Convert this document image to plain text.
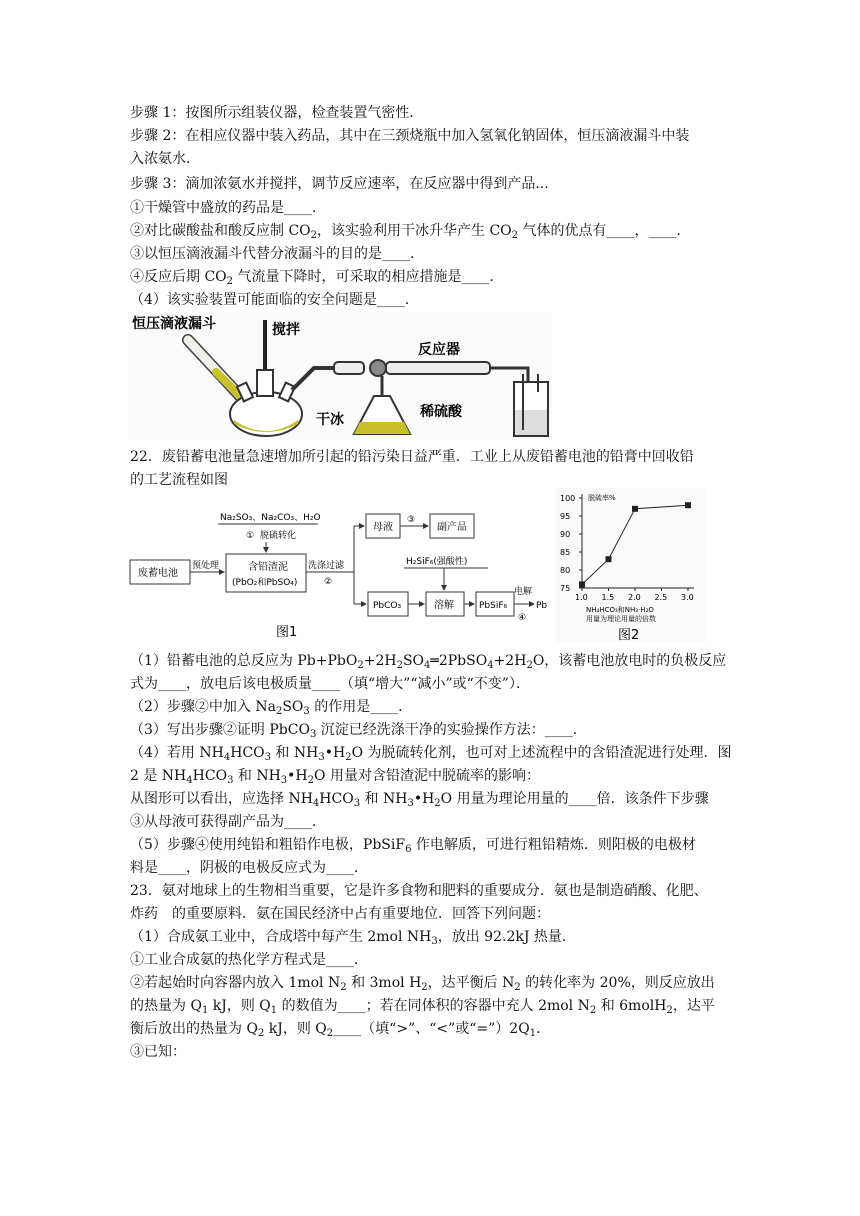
步骤 1：按图所示组装仪器，检查装置气密性．
步骤 2：在相应仪器中装入药品，其中在三颈烧瓶中加入氢氧化钠固体，恒压滴液漏斗中装
入浓氨水．
步骤 3：滴加浓氨水并搅拌，调节反应速率，在反应器中得到产品...
①干燥管中盛放的药品是____．
②对比碳酸盐和酸反应制 $CO_2$，该实验利用干冰升华产生 $CO_2$ 气体的优点有____，____．
③以恒压滴液漏斗代替分液漏斗的目的是____．
④反应后期 $CO_2$ 气流量下降时，可采取的相应措施是____．
（4）该实验装置可能面临的安全问题是____．
恒压滴液漏斗	搅拌
反应器
干冰	稀硫酸
22．废铅蓄电池量急速增加所引起的铅污染日益严重．工业上从废铅蓄电池的铅膏中回收铅
的工艺流程如图
Na₂SO₃、Na₂CO₃、H₂O
① 脱硫转化
废蓄电池
预处理	含铅渣泥
(PbO₂和PbSO₄)
洗涤过滤
②
母液
③
副产品
H₂SiF₆(强酸性)
PbCO₃	溶解	PbSiF₆
电解
④
Pb
图1
1.0 1.5 2.0 2.5 3.0
75
80
85
90
95
100 脱硫率%
NH₄HCO₃和NH₃·H₂O
用量为理论用量的倍数
图2
（1）铅蓄电池的总反应为 $Pb+PbO_2+2H_2SO_4═2PbSO_4+2H_2O$，该蓄电池放电时的负极反应
式为____，放电后该电极质量____（填“增大”“减小”或“不变”）．
（2）步骤②中加入 $Na_2SO_3$ 的作用是____．
（3）写出步骤②证明 PbCO$_3$ 沉淀已经洗涤干净的实验操作方法：____．
（4）若用 $NH_4HCO_3$ 和 $NH_3•H_2O$ 为脱硫转化剂，也可对上述流程中的含铅渣泥进行处理．图
2 是 $NH_4HCO_3$ 和 $NH_3•H_2O$ 用量对含铅渣泥中脱硫率的影响：
从图形可以看出，应选择 $NH_4HCO_3$ 和 $NH_3•H_2O$ 用量为理论用量的____倍．该条件下步骤
③从母液可获得副产品为____．
（5）步骤④使用纯铅和粗铅作电极，PbSiF$_6$ 作电解质，可进行粗铅精炼．则阳极的电极材
料是____，阴极的电极反应式为____．
23．氨对地球上的生物相当重要，它是许多食物和肥料的重要成分．氨也是制造硝酸、化肥、
炸药　的重要原料．氨在国民经济中占有重要地位．回答下列问题：
（1）合成氨工业中，合成塔中每产生 2mol $NH_3$，放出 92.2kJ 热量．
①工业合成氨的热化学方程式是____．
②若起始时向容器内放入 1mol $N_2$ 和 3mol $H_2$，达平衡后 $N_2$ 的转化率为 20%，则反应放出
的热量为 $Q_1$ kJ，则 $Q_1$ 的数值为____；若在同体积的容器中充人 2mol $N_2$ 和 6molH$_2$，达平
衡后放出的热量为 $Q_2$ kJ，则 $Q_2\_\_\_\_$（填“>”、“<”或“$=”)2Q_1$．
③已知：
